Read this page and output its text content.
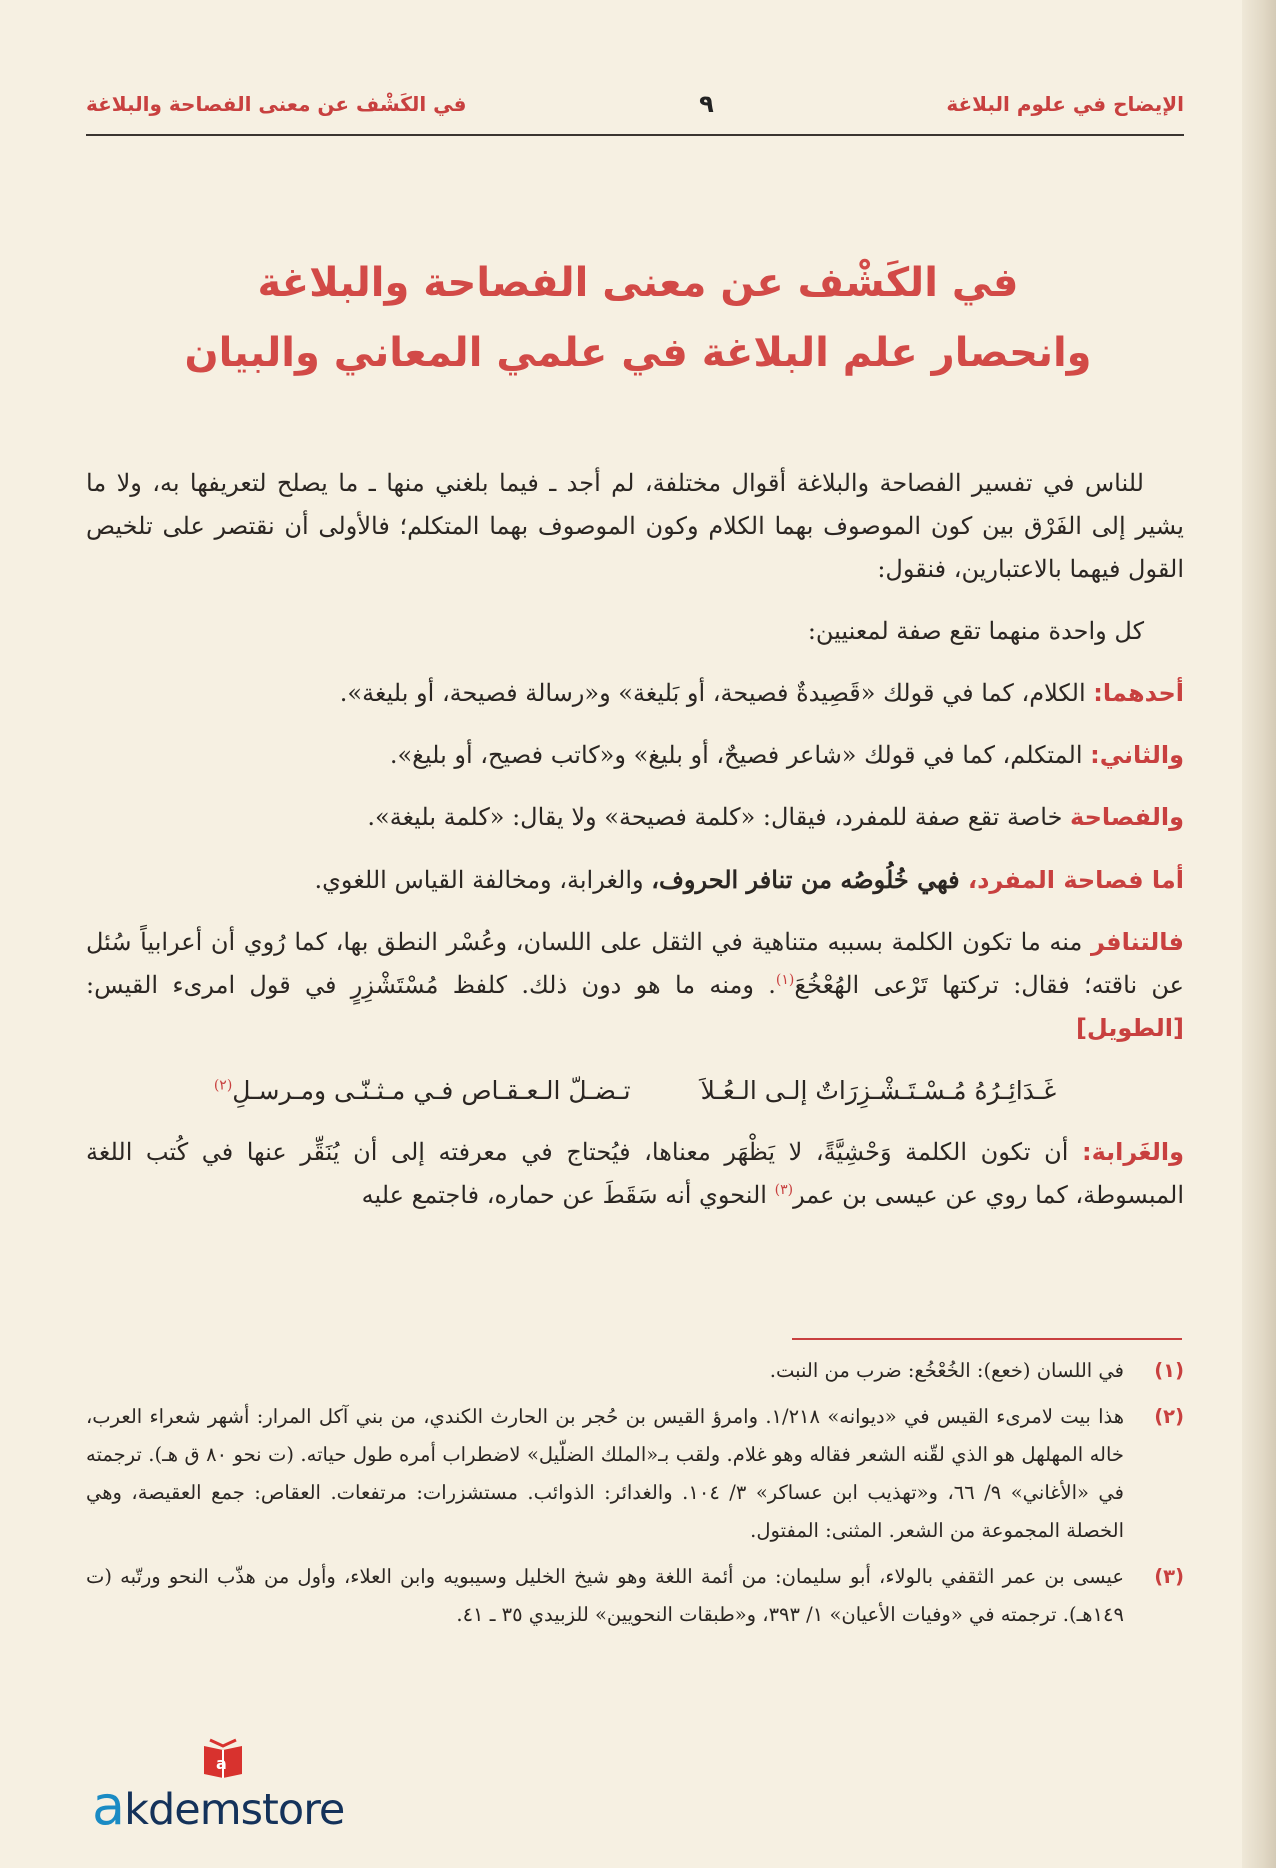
الإيضاح في علوم البلاغة
٩
في الكَشْف عن معنى الفصاحة والبلاغة
في الكَشْف عن معنى الفصاحة والبلاغة
وانحصار علم البلاغة في علمي المعاني والبيان

للناس في تفسير الفصاحة والبلاغة أقوال مختلفة، لم أجد ـ فيما بلغني منها ـ ما يصلح لتعريفها به، ولا ما يشير إلى الفَرْق بين كون الموصوف بهما الكلام وكون الموصوف بهما المتكلم؛ فالأولى أن نقتصر على تلخيص القول فيهما بالاعتبارين، فنقول:

كل واحدة منهما تقع صفة لمعنيين:

أحدهما: الكلام، كما في قولك «قَصِيدةٌ فصيحة، أو بَليغة» و«رسالة فصيحة، أو بليغة».

والثاني: المتكلم، كما في قولك «شاعر فصيحٌ، أو بليغ» و«كاتب فصيح، أو بليغ».

والفصاحة خاصة تقع صفة للمفرد، فيقال: «كلمة فصيحة» ولا يقال: «كلمة بليغة».

أما فصاحة المفرد، فهي خُلُوصُه من تنافر الحروف، والغرابة، ومخالفة القياس اللغوي.

فالتنافر منه ما تكون الكلمة بسببه متناهية في الثقل على اللسان، وعُسْر النطق بها، كما رُوي أن أعرابياً سُئل عن ناقته؛ فقال: تركتها تَرْعى الهُعْخُعَ$^{(١)}$. ومنه ما هو دون ذلك. كلفظ مُسْتَشْزِرٍ في قول امرىء القيس: [الطويل]

غَـدَائِـرُهُ مُـسْـتَـشْـزِرَاتٌ إلـى الـعُـلاَ
تـضـلّ الـعـقـاص فـي مـثـنّـى ومـرسـلِ$^{(٢)}$

والغَرابة: أن تكون الكلمة وَحْشِيَّةً، لا يَظْهَر معناها، فيُحتاج في معرفته إلى أن يُنَقِّر عنها في كُتب اللغة المبسوطة، كما روي عن عيسى بن عمر$^{(٣)}$ النحوي أنه سَقَطَ عن حماره، فاجتمع عليه

(١)
في اللسان (خعع): الخُعْخُع: ضرب من النبت.
(٢)
هذا بيت لامرىء القيس في «ديوانه» ١/٢١٨. وامرؤ القيس بن حُجر بن الحارث الكندي، من بني آكل المرار: أشهر شعراء العرب، خاله المهلهل هو الذي لقّنه الشعر فقاله وهو غلام. ولقب بـ«الملك الضلّيل» لاضطراب أمره طول حياته. (ت نحو ٨٠ ق هـ). ترجمته في «الأغاني» ٩/ ٦٦، و«تهذيب ابن عساكر» ٣/ ١٠٤. والغدائر: الذوائب. مستشزرات: مرتفعات. العقاص: جمع العقيصة، وهي الخصلة المجموعة من الشعر. المثنى: المفتول.
(٣)
عيسى بن عمر الثقفي بالولاء، أبو سليمان: من أئمة اللغة وهو شيخ الخليل وسيبويه وابن العلاء، وأول من هذّب النحو ورتّبه (ت ١٤٩هـ). ترجمته في «وفيات الأعيان» ١/ ٣٩٣، و«طبقات النحويين» للزبيدي ٣٥ ـ ٤١.
a
akdemstore
